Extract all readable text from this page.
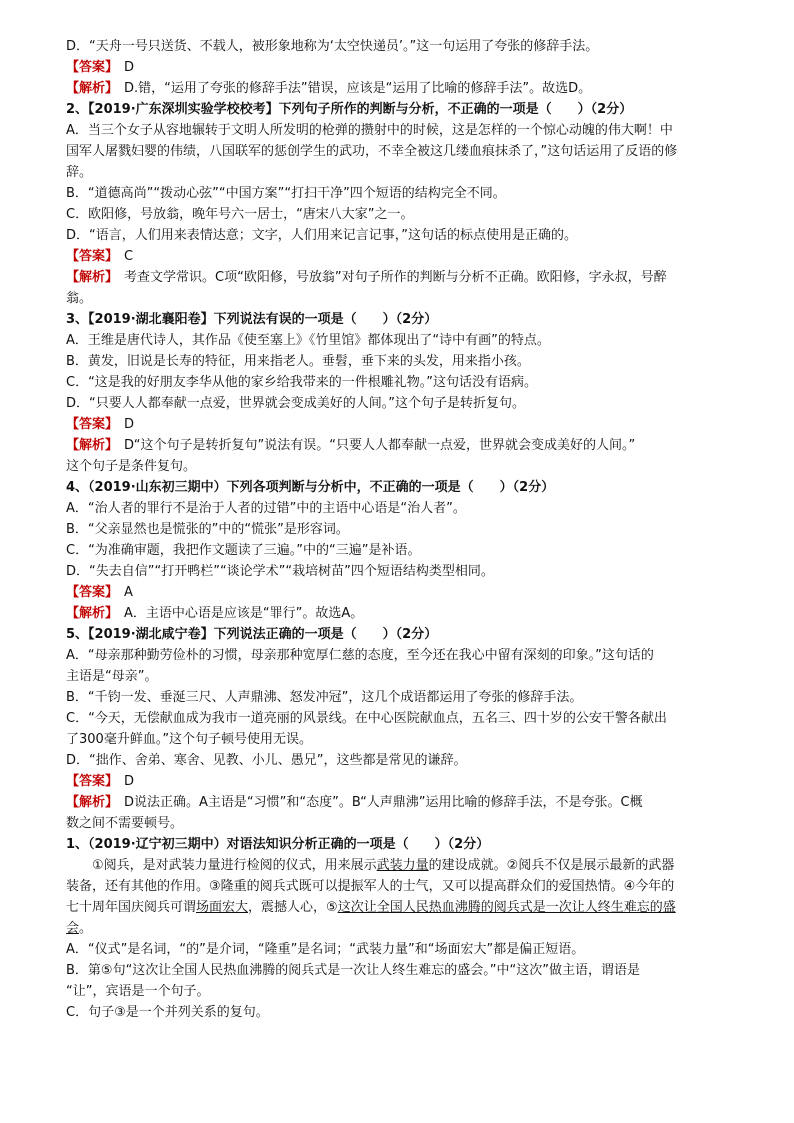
D．“天舟一号只送货、不载人，被形象地称为‘太空快递员’。”这一句运用了夸张的修辞手法。
【答案】 D
【解析】 D.错，“运用了夸张的修辞手法”错误，应该是“运用了比喻的修辞手法”。故选D。
2、【2019·广东深圳实验学校校考】下列句子所作的判断与分析，不正确的一项是（　　）（2分）
A．当三个女子从容地辗转于文明人所发明的枪弹的攒射中的时候，这是怎样的一个惊心动魄的伟大啊！中
国军人屠戮妇婴的伟绩，八国联军的惩创学生的武功，不幸全被这几缕血痕抹杀了，”这句话运用了反语的修
辞。
B．“道德高尚”“拨动心弦”“中国方案”“打扫干净”四个短语的结构完全不同。
C．欧阳修，号放翁，晚年号六一居士，“唐宋八大家”之一。
D．“语言，人们用来表情达意；文字，人们用来记言记事，”这句话的标点使用是正确的。
【答案】 C
【解析】 考查文学常识。C项“欧阳修，号放翁”对句子所作的判断与分析不正确。欧阳修，字永叔，号醉
翁。
3、【2019·湖北襄阳卷】下列说法有误的一项是（　　）（2分）
A．王维是唐代诗人，其作品《使至塞上》《竹里馆》都体现出了“诗中有画”的特点。
B．黄发，旧说是长寿的特征，用来指老人。垂髫，垂下来的头发，用来指小孩。
C．“这是我的好朋友李华从他的家乡给我带来的一件根雕礼物。”这句话没有语病。
D．“只要人人都奉献一点爱，世界就会变成美好的人间。”这个句子是转折复句。
【答案】 D
【解析】 D“这个句子是转折复句”说法有误。“只要人人都奉献一点爱，世界就会变成美好的人间。”
这个句子是条件复句。
4、（2019·山东初三期中）下列各项判断与分析中，不正确的一项是（　　）（2分）
A．“治人者的罪行不是治于人者的过错”中的主语中心语是“治人者”。
B．“父亲显然也是慌张的”中的“慌张”是形容词。
C．“为准确审题，我把作文题读了三遍。”中的“三遍”是补语。
D．“失去自信”“打开鸭栏”“谈论学术”“栽培树苗”四个短语结构类型相同。
【答案】 A
【解析】 A．主语中心语是应该是“罪行”。故选A。
5、【2019·湖北咸宁卷】下列说法正确的一项是（　　）（2分）
A．“母亲那种勤劳俭朴的习惯，母亲那种宽厚仁慈的态度，至今还在我心中留有深刻的印象。”这句话的
主语是“母亲”。
B．“千钧一发、垂涎三尺、人声鼎沸、怒发冲冠”，这几个成语都运用了夸张的修辞手法。
C．“今天，无偿献血成为我市一道亮丽的风景线。在中心医院献血点，五名三、四十岁的公安干警各献出
了300毫升鲜血。”这个句子顿号使用无误。
D．“拙作、舍弟、寒舍、见教、小儿、愚兄”，这些都是常见的谦辞。
【答案】 D
【解析】 D说法正确。A主语是“习惯”和“态度”。B“人声鼎沸”运用比喻的修辞手法，不是夸张。C概
数之间不需要顿号。
1、（2019·辽宁初三期中）对语法知识分析正确的一项是（　　）（2分）
①阅兵，是对武装力量进行检阅的仪式，用来展示武装力量的建设成就。②阅兵不仅是展示最新的武器
装备，还有其他的作用。③隆重的阅兵式既可以提振军人的士气，又可以提高群众们的爱国热情。④今年的
七十周年国庆阅兵可谓场面宏大，震撼人心，⑤这次让全国人民热血沸腾的阅兵式是一次让人终生难忘的盛
会。
A．“仪式”是名词，“的”是介词，“隆重”是名词；“武装力量”和“场面宏大”都是偏正短语。
B．第⑤句“这次让全国人民热血沸腾的阅兵式是一次让人终生难忘的盛会。”中“这次”做主语，谓语是
“让”，宾语是一个句子。
C．句子③是一个并列关系的复句。
